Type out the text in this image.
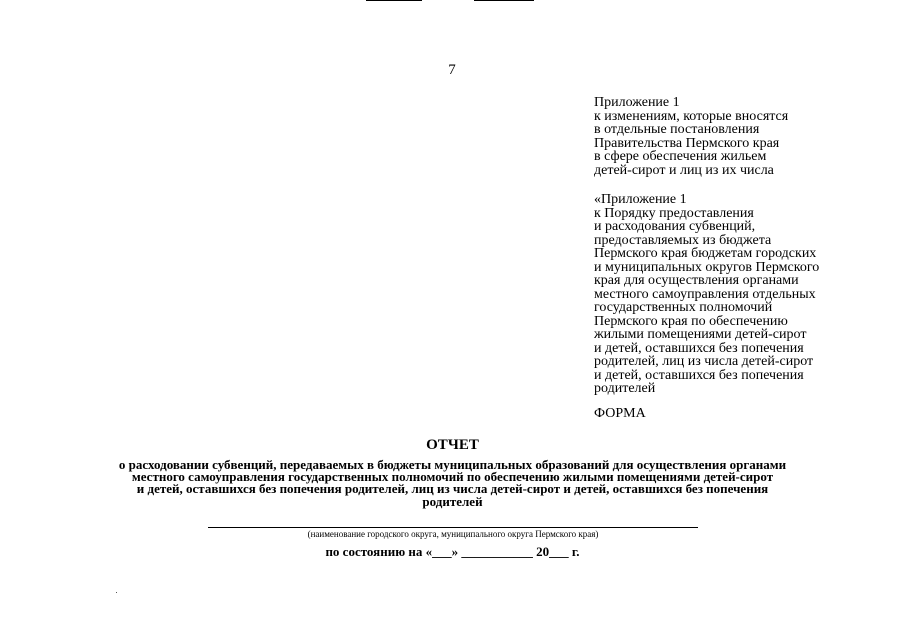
7
Приложение 1
к изменениям, которые вносятся
в отдельные постановления
Правительства Пермского края
в сфере обеспечения жильем
детей-сирот и лиц из их числа
«Приложение 1
к Порядку предоставления
и расходования субвенций,
предоставляемых из бюджета
Пермского края бюджетам городских
и муниципальных округов Пермского
края для осуществления органами
местного самоуправления отдельных
государственных полномочий
Пермского края по обеспечению
жилыми помещениями детей-сирот
и детей, оставшихся без попечения
родителей, лиц из числа детей-сирот
и детей, оставшихся без попечения
родителей
ФОРМА
ОТЧЕТ
о расходовании субвенций, передаваемых в бюджеты муниципальных образований для осуществления органами
местного самоуправления государственных полномочий по обеспечению жилыми помещениями детей-сирот
и детей, оставшихся без попечения родителей, лиц из числа детей-сирот и детей, оставшихся без попечения
родителей
(наименование городского округа, муниципального округа Пермского края)
по состоянию на «___» ___________ 20___ г.
